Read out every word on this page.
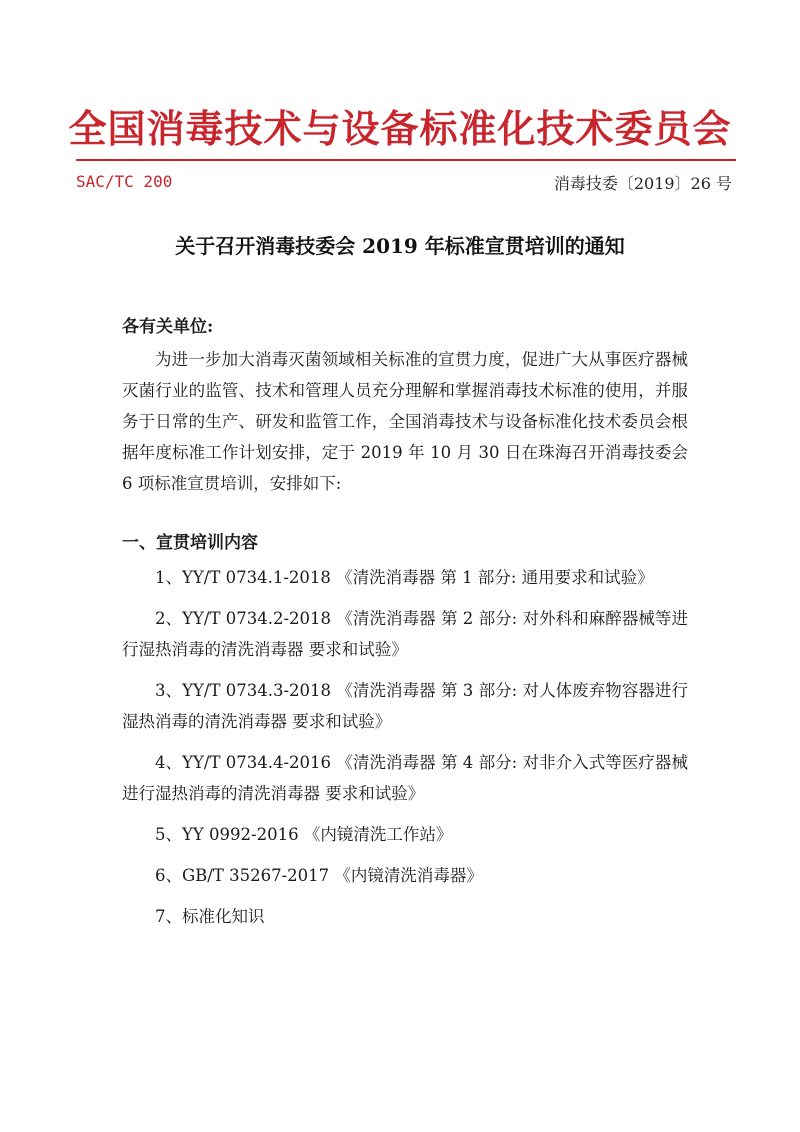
全国消毒技术与设备标准化技术委员会
SAC/TC 200	消毒技委〔2019〕26 号
关于召开消毒技委会 2019 年标准宣贯培训的通知
各有关单位:

为进一步加大消毒灭菌领域相关标准的宣贯力度，促进广大从事医疗器械灭菌行业的监管、技术和管理人员充分理解和掌握消毒技术标准的使用，并服务于日常的生产、研发和监管工作，全国消毒技术与设备标准化技术委员会根据年度标准工作计划安排，定于 2019 年 10 月 30 日在珠海召开消毒技委会 6 项标准宣贯培训，安排如下:

一、宣贯培训内容
1、YY/T 0734.1-2018 《清洗消毒器 第 1 部分: 通用要求和试验》
2、YY/T 0734.2-2018 《清洗消毒器 第 2 部分: 对外科和麻醉器械等进行湿热消毒的清洗消毒器 要求和试验》
3、YY/T 0734.3-2018 《清洗消毒器 第 3 部分: 对人体废弃物容器进行湿热消毒的清洗消毒器 要求和试验》
4、YY/T 0734.4-2016 《清洗消毒器 第 4 部分: 对非介入式等医疗器械进行湿热消毒的清洗消毒器 要求和试验》
5、YY 0992-2016 《内镜清洗工作站》
6、GB/T 35267-2017 《内镜清洗消毒器》
7、标准化知识
